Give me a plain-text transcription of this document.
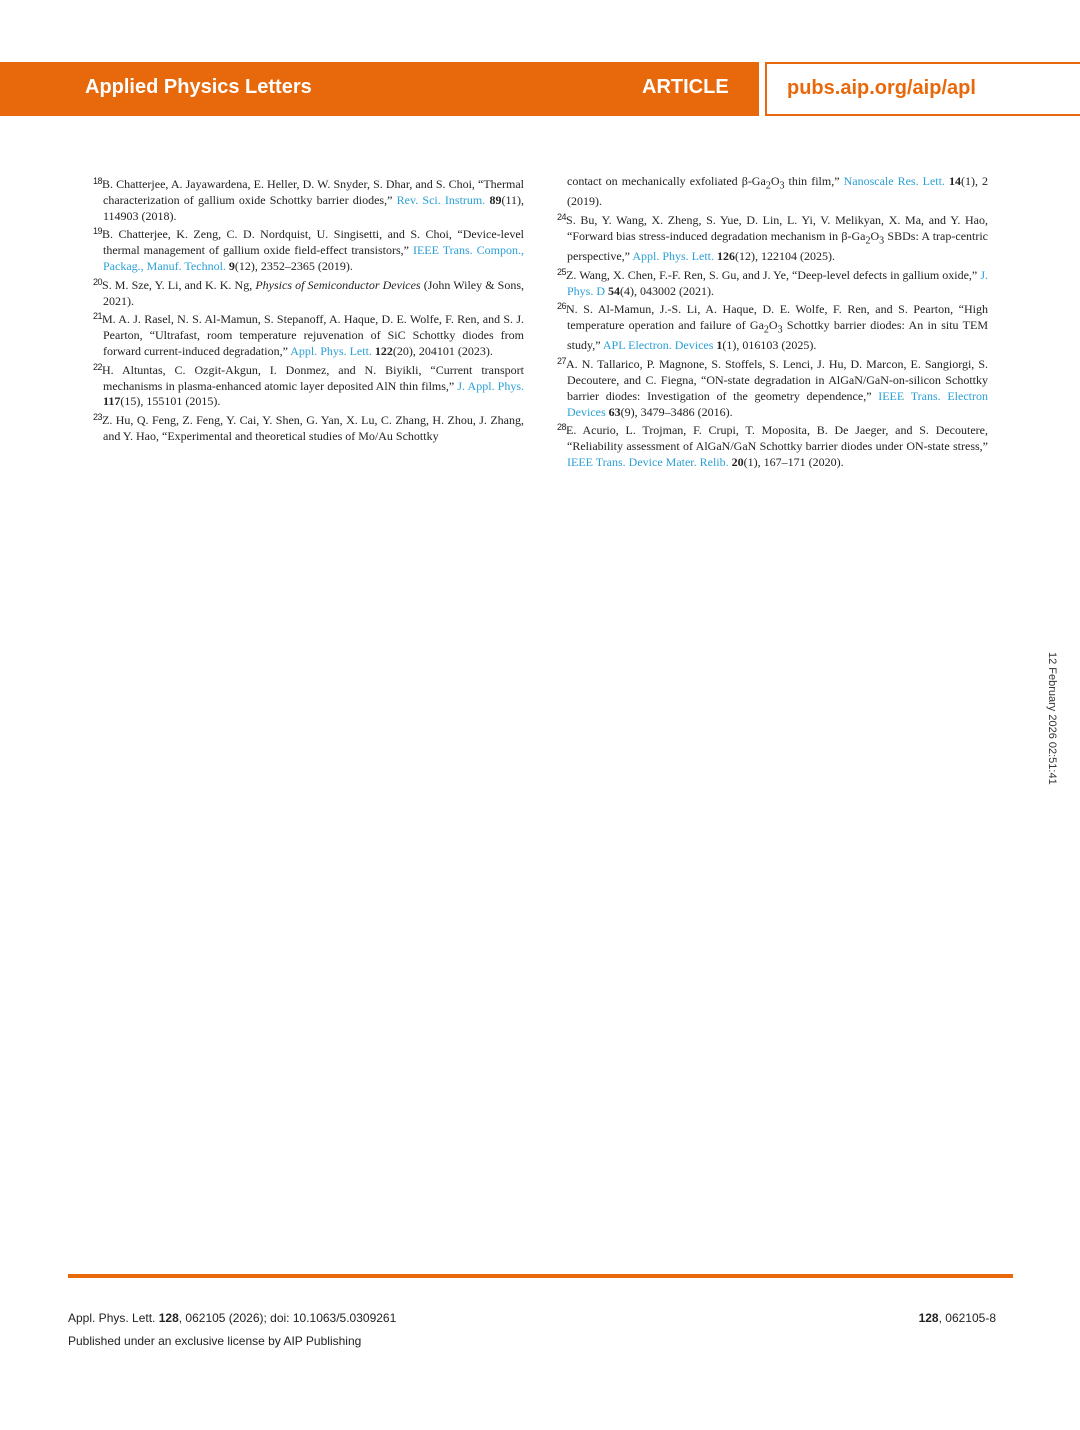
Applied Physics Letters	ARTICLE	pubs.aip.org/aip/apl

$^{18}$B. Chatterjee, A. Jayawardena, E. Heller, D. W. Snyder, S. Dhar, and S. Choi, “Thermal characterization of gallium oxide Schottky barrier diodes,” Rev. Sci. Instrum. 89(11), 114903 (2018).

$^{19}$B. Chatterjee, K. Zeng, C. D. Nordquist, U. Singisetti, and S. Choi, “Device-level thermal management of gallium oxide field-effect transistors,” IEEE Trans. Compon., Packag., Manuf. Technol. 9(12), 2352–2365 (2019).

$^{20}$S. M. Sze, Y. Li, and K. K. Ng, Physics of Semiconductor Devices (John Wiley & Sons, 2021).

$^{21}$M. A. J. Rasel, N. S. Al-Mamun, S. Stepanoff, A. Haque, D. E. Wolfe, F. Ren, and S. J. Pearton, “Ultrafast, room temperature rejuvenation of SiC Schottky diodes from forward current-induced degradation,” Appl. Phys. Lett. 122(20), 204101 (2023).

$^{22}$H. Altuntas, C. Ozgit-Akgun, I. Donmez, and N. Biyikli, “Current transport mechanisms in plasma-enhanced atomic layer deposited AlN thin films,” J. Appl. Phys. 117(15), 155101 (2015).

$^{23}$Z. Hu, Q. Feng, Z. Feng, Y. Cai, Y. Shen, G. Yan, X. Lu, C. Zhang, H. Zhou, J. Zhang, and Y. Hao, “Experimental and theoretical studies of Mo/Au Schottky

contact on mechanically exfoliated $\beta-Ga_2O_3$ thin film,” Nanoscale Res. Lett. 14(1), 2 (2019).

$^{24}$S. Bu, Y. Wang, X. Zheng, S. Yue, D. Lin, L. Yi, V. Melikyan, X. Ma, and Y. Hao, “Forward bias stress-induced degradation mechanism in $\beta-Ga_2O_3$ SBDs: A trap-centric perspective,” Appl. Phys. Lett. 126(12), 122104 (2025).

$^{25}$Z. Wang, X. Chen, F.-F. Ren, S. Gu, and J. Ye, “Deep-level defects in gallium oxide,” J. Phys. D 54(4), 043002 (2021).

$^{26}$N. S. Al-Mamun, J.-S. Li, A. Haque, D. E. Wolfe, F. Ren, and S. Pearton, “High temperature operation and failure of $Ga_2O_3$ Schottky barrier diodes: An in situ TEM study,” APL Electron. Devices 1(1), 016103 (2025).

$^{27}$A. N. Tallarico, P. Magnone, S. Stoffels, S. Lenci, J. Hu, D. Marcon, E. Sangiorgi, S. Decoutere, and C. Fiegna, “ON-state degradation in AlGaN/GaN-on-silicon Schottky barrier diodes: Investigation of the geometry dependence,” IEEE Trans. Electron Devices 63(9), 3479–3486 (2016).

$^{28}$E. Acurio, L. Trojman, F. Crupi, T. Moposita, B. De Jaeger, and S. Decoutere, “Reliability assessment of AlGaN/GaN Schottky barrier diodes under ON-state stress,” IEEE Trans. Device Mater. Relib. 20(1), 167–171 (2020).

12 February 2026 02:51:41
Appl. Phys. Lett. 128, 062105 (2026); doi: 10.1063/5.0309261	128, 062105-8
Published under an exclusive license by AIP Publishing
